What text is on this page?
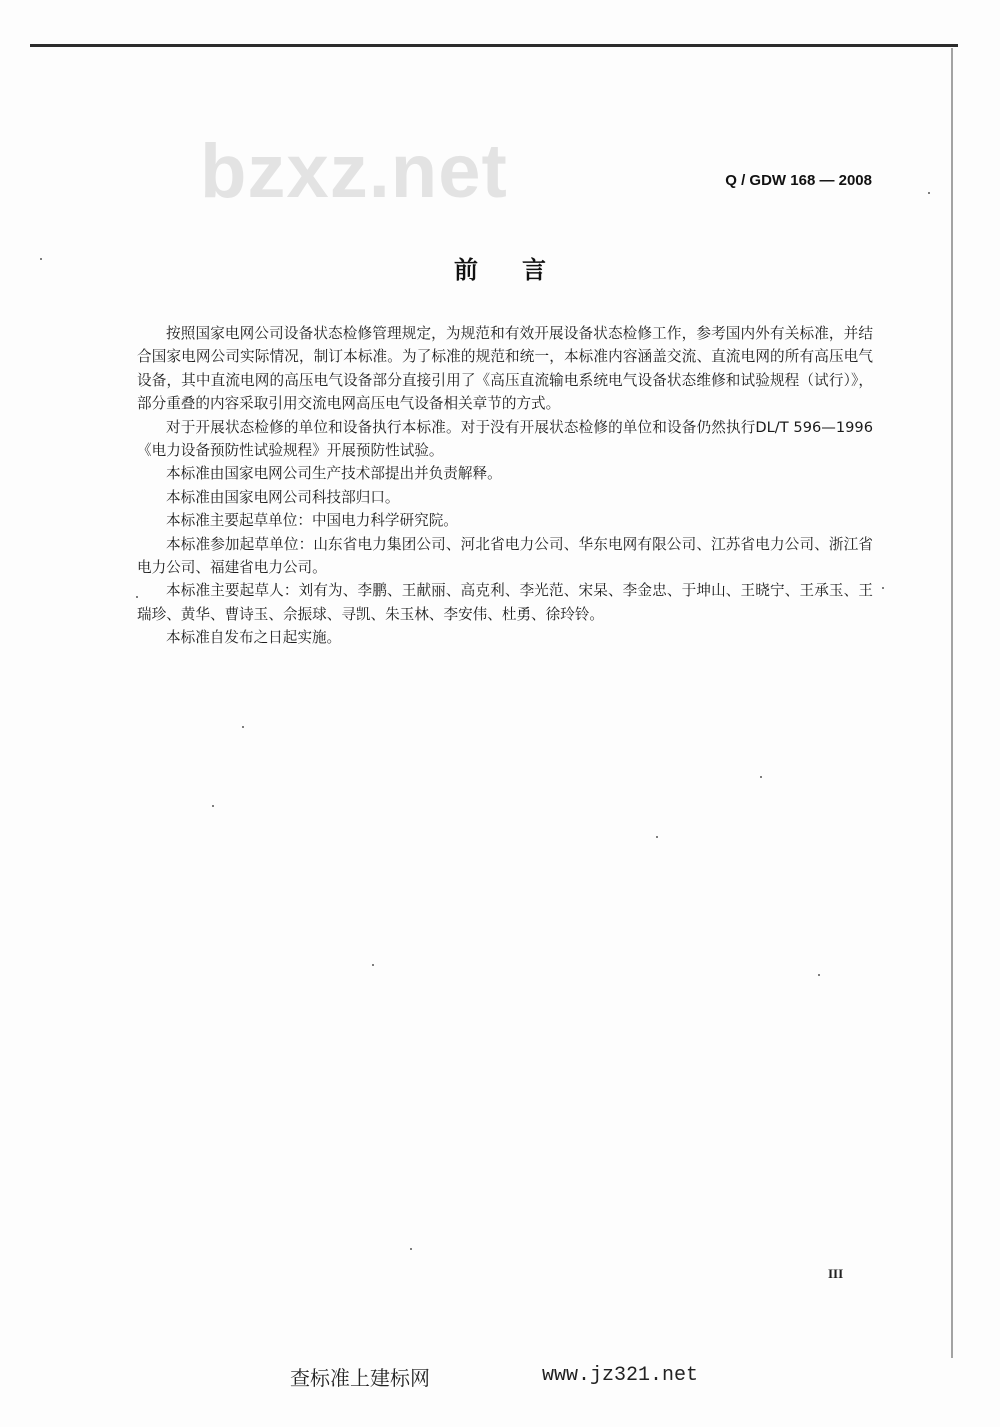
bzxz.net	Q / GDW 168 — 2008
前言

按照国家电网公司设备状态检修管理规定，为规范和有效开展设备状态检修工作，参考国内外有关标准，并结合国家电网公司实际情况，制订本标准。为了标准的规范和统一，本标准内容涵盖交流、直流电网的所有高压电气设备，其中直流电网的高压电气设备部分直接引用了《高压直流输电系统电气设备状态维修和试验规程（试行）》，部分重叠的内容采取引用交流电网高压电气设备相关章节的方式。

对于开展状态检修的单位和设备执行本标准。对于没有开展状态检修的单位和设备仍然执行DL/T 596—1996《电力设备预防性试验规程》开展预防性试验。

本标准由国家电网公司生产技术部提出并负责解释。

本标准由国家电网公司科技部归口。

本标准主要起草单位：中国电力科学研究院。

本标准参加起草单位：山东省电力集团公司、河北省电力公司、华东电网有限公司、江苏省电力公司、浙江省电力公司、福建省电力公司。

本标准主要起草人：刘有为、李鹏、王献丽、高克利、李光范、宋杲、李金忠、于坤山、王晓宁、王承玉、王瑞珍、黄华、曹诗玉、佘振球、寻凯、朱玉林、李安伟、杜勇、徐玲铃。

本标准自发布之日起实施。

III
查标准上建标网	www.jz321.net
